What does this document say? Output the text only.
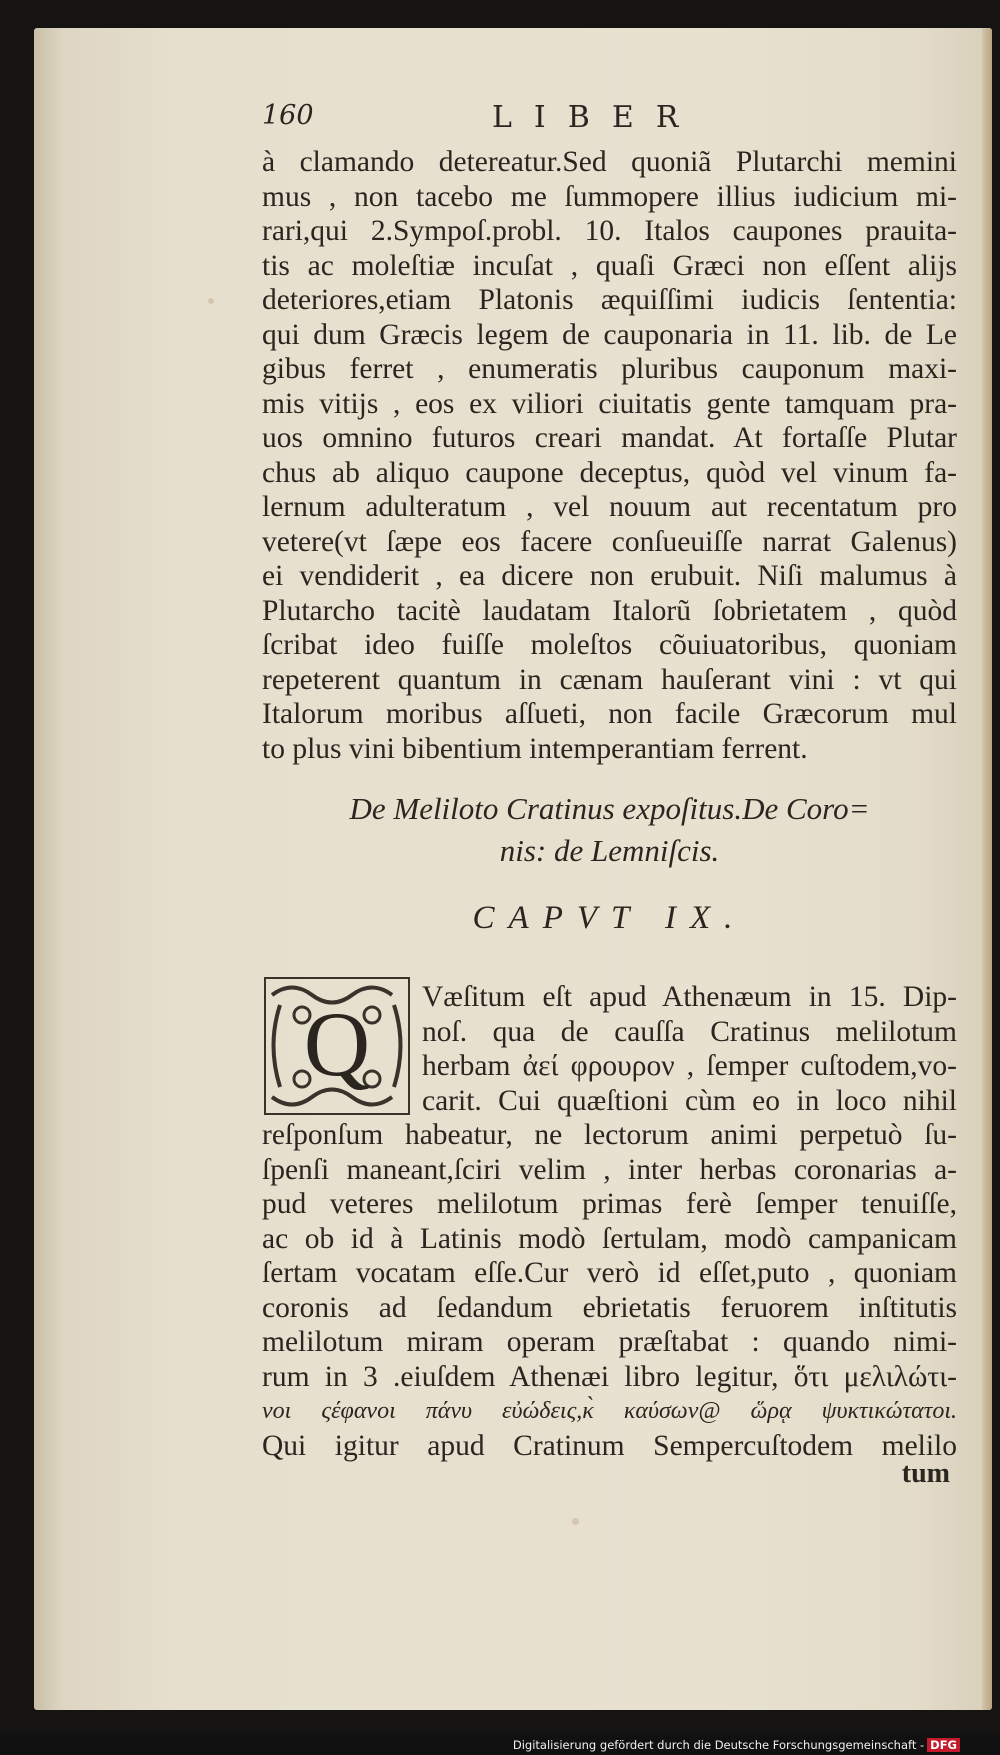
160	LIBER
à clamando detereatur.Sed quoniã Plutarchi memini
mus , non tacebo me ſummopere illius iudicium mi-
rari,qui 2.Sympoſ.probl. 10. Italos caupones prauita-
tis ac moleſtiæ incuſat , quaſi Græci non eſſent alijs
deteriores,etiam Platonis æquiſſimi iudicis ſententia:
qui dum Græcis legem de cauponaria in 11. lib. de Le
gibus ferret , enumeratis pluribus cauponum maxi-
mis vitijs , eos ex viliori ciuitatis gente tamquam pra-
uos omnino futuros creari mandat. At fortaſſe Plutar
chus ab aliquo caupone deceptus, quòd vel vinum fa-
lernum adulteratum , vel nouum aut recentatum pro
vetere(vt ſæpe eos facere conſueuiſſe narrat Galenus)
ei vendiderit , ea dicere non erubuit. Niſi malumus à
Plutarcho tacitè laudatam Italorũ ſobrietatem , quòd
ſcribat ideo fuiſſe moleſtos cõuiuatoribus, quoniam
repeterent quantum in cænam hauſerant vini : vt qui
Italorum moribus aſſueti, non facile Græcorum mul
to plus vini bibentium intemperantiam ferrent.
De Meliloto Cratinus expoſitus.De Coro=
nis: de Lemniſcis.
CAPVT IX.
Q	Væſitum eſt apud Athenæum in 15. Dip-
noſ. qua de cauſſa Cratinus melilotum
herbam ἀεί φρουρον , ſemper cuſtodem,vo-
carit. Cui quæſtioni cùm eo in loco nihil
reſponſum habeatur, ne lectorum animi perpetuò ſu-
ſpenſi maneant,ſciri velim , inter herbas coronarias a-
pud veteres melilotum primas ferè ſemper tenuiſſe,
ac ob id à Latinis modò ſertulam, modò campanicam
ſertam vocatam eſſe.Cur verò id eſſet,puto , quoniam
coronis ad ſedandum ebrietatis feruorem inſtitutis
melilotum miram operam præſtabat : quando nimi-
rum in 3 .eiuſdem Athenæi libro legitur, ὅτι μελιλώτι-
νοι ςέφανοι πάνυ εὐώδεις,κ̀ καύσων@ ὥρᾳ ψυκτικώτατοι.
Qui igitur apud Cratinum Sempercuſtodem melilo
tum
Digitalisierung gefördert durch die Deutsche Forschungsgemeinschaft - DFG
